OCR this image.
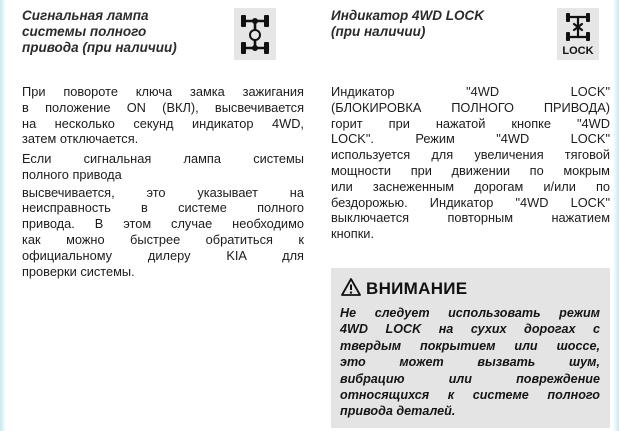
Сигнальная лампа
системы полного
привода (при наличии)
При повороте ключа замка зажигания
в положение ON (ВКЛ), высвечивается
на несколько секунд индикатор 4WD,
затем отключается.
Если сигнальная лампа системы
полного привода
высвечивается, это указывает на
неисправность в системе полного
привода. В этом случае необходимо
как можно быстрее обратиться к
официальному дилеру KIA для
проверки системы.
Индикатор 4WD LOCK
(при наличии)
LOCK
Индикатор "4WD LOCK"
(БЛОКИРОВКА ПОЛНОГО ПРИВОДА)
горит при нажатой кнопке "4WD
LOCK". Режим "4WD LOCK"
используется для увеличения тяговой
мощности при движении по мокрым
или заснеженным дорогам и/или по
бездорожью. Индикатор "4WD LOCK"
выключается повторным нажатием
кнопки.
ВНИМАНИЕ
Не следует использовать режим
4WD LOCK на сухих дорогах с
твердым покрытием или шоссе,
это может вызвать шум,
вибрацию или повреждение
относящихся к системе полного
привода деталей.
